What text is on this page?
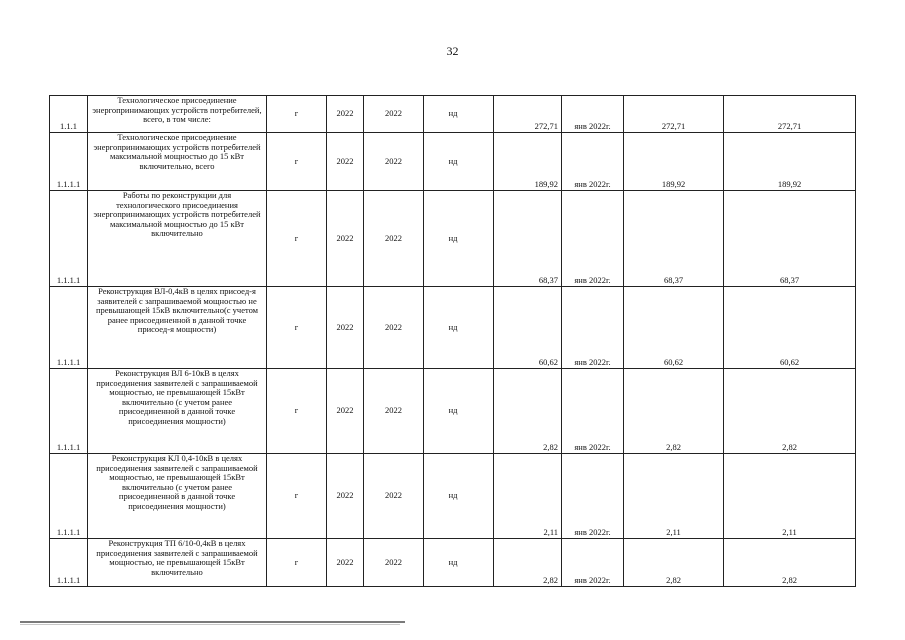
32
1.1.1	Технологическое присоединение энергопринимающих устройств потребителей, всего, в том числе:	г	2022	2022	нд	272,71	янв 2022г.	272,71	272,71
1.1.1.1	Технологическое присоединение энергопринимающих устройств потребителей максимальной мощностью до 15 кВт включительно, всего	г	2022	2022	нд	189,92	янв 2022г.	189,92	189,92
1.1.1.1	Работы по реконструкции для технологического присоединения энергопринимающих устройств потребителей максимальной мощностью до 15 кВт включительно	г	2022	2022	нд	68,37	янв 2022г.	68,37	68,37
1.1.1.1	Реконструкция ВЛ-0,4кВ в целях присоед-я заявителей с запрашиваемой мощностью не превышающей 15кВ включительно(с учетом ранее присоединенной в данной точке присоед-я мощности)	г	2022	2022	нд	60,62	янв 2022г.	60,62	60,62
1.1.1.1	Реконструкция ВЛ 6-10кВ в целях присоединения заявителей с запрашиваемой мощностью, не превышающей 15кВт включительно (с учетом ранее присоединенной в данной точке присоединения мощности)	г	2022	2022	нд	2,82	янв 2022г.	2,82	2,82
1.1.1.1	Реконструкция КЛ 0,4-10кВ в целях присоединения заявителей с запрашиваемой мощностью, не превышающей 15кВт включительно (с учетом ранее присоединенной в данной точке присоединения мощности)	г	2022	2022	нд	2,11	янв 2022г.	2,11	2,11
1.1.1.1	Реконструкция ТП 6/10-0,4кВ в целях присоединения заявителей с запрашиваемой мощностью, не превышающей 15кВт включительно	г	2022	2022	нд	2,82	янв 2022г.	2,82	2,82
